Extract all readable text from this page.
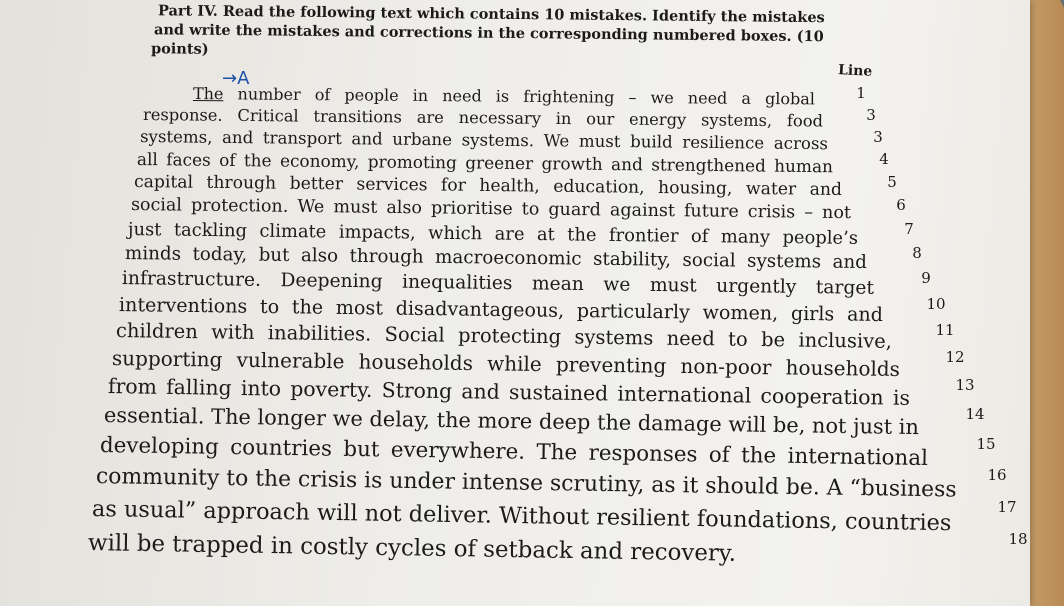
Part IV. Read the following text which contains 10 mistakes. Identify the mistakes
and write the mistakes and corrections in the corresponding numbered boxes. (10
points)
Line
→A
The number of people in need is frightening – we need a global	1
response. Critical transitions are necessary in our energy systems, food	3
systems, and transport and urbane systems. We must build resilience across	3
all faces of the economy, promoting greener growth and strengthened human	4
capital through better services for health, education, housing, water and	5
social protection. We must also prioritise to guard against future crisis – not	6
just tackling climate impacts, which are at the frontier of many people’s	7
minds today, but also through macroeconomic stability, social systems and	8
infrastructure. Deepening inequalities mean we must urgently target	9
interventions to the most disadvantageous, particularly women, girls and	10
children with inabilities. Social protecting systems need to be inclusive,	11
supporting vulnerable households while preventing non-poor households	12
from falling into poverty. Strong and sustained international cooperation is	13
essential. The longer we delay, the more deep the damage will be, not just in	14
developing countries but everywhere. The responses of the international	15
community to the crisis is under intense scrutiny, as it should be. A “business	16
as usual” approach will not deliver. Without resilient foundations, countries	17
will be trapped in costly cycles of setback and recovery.	18
